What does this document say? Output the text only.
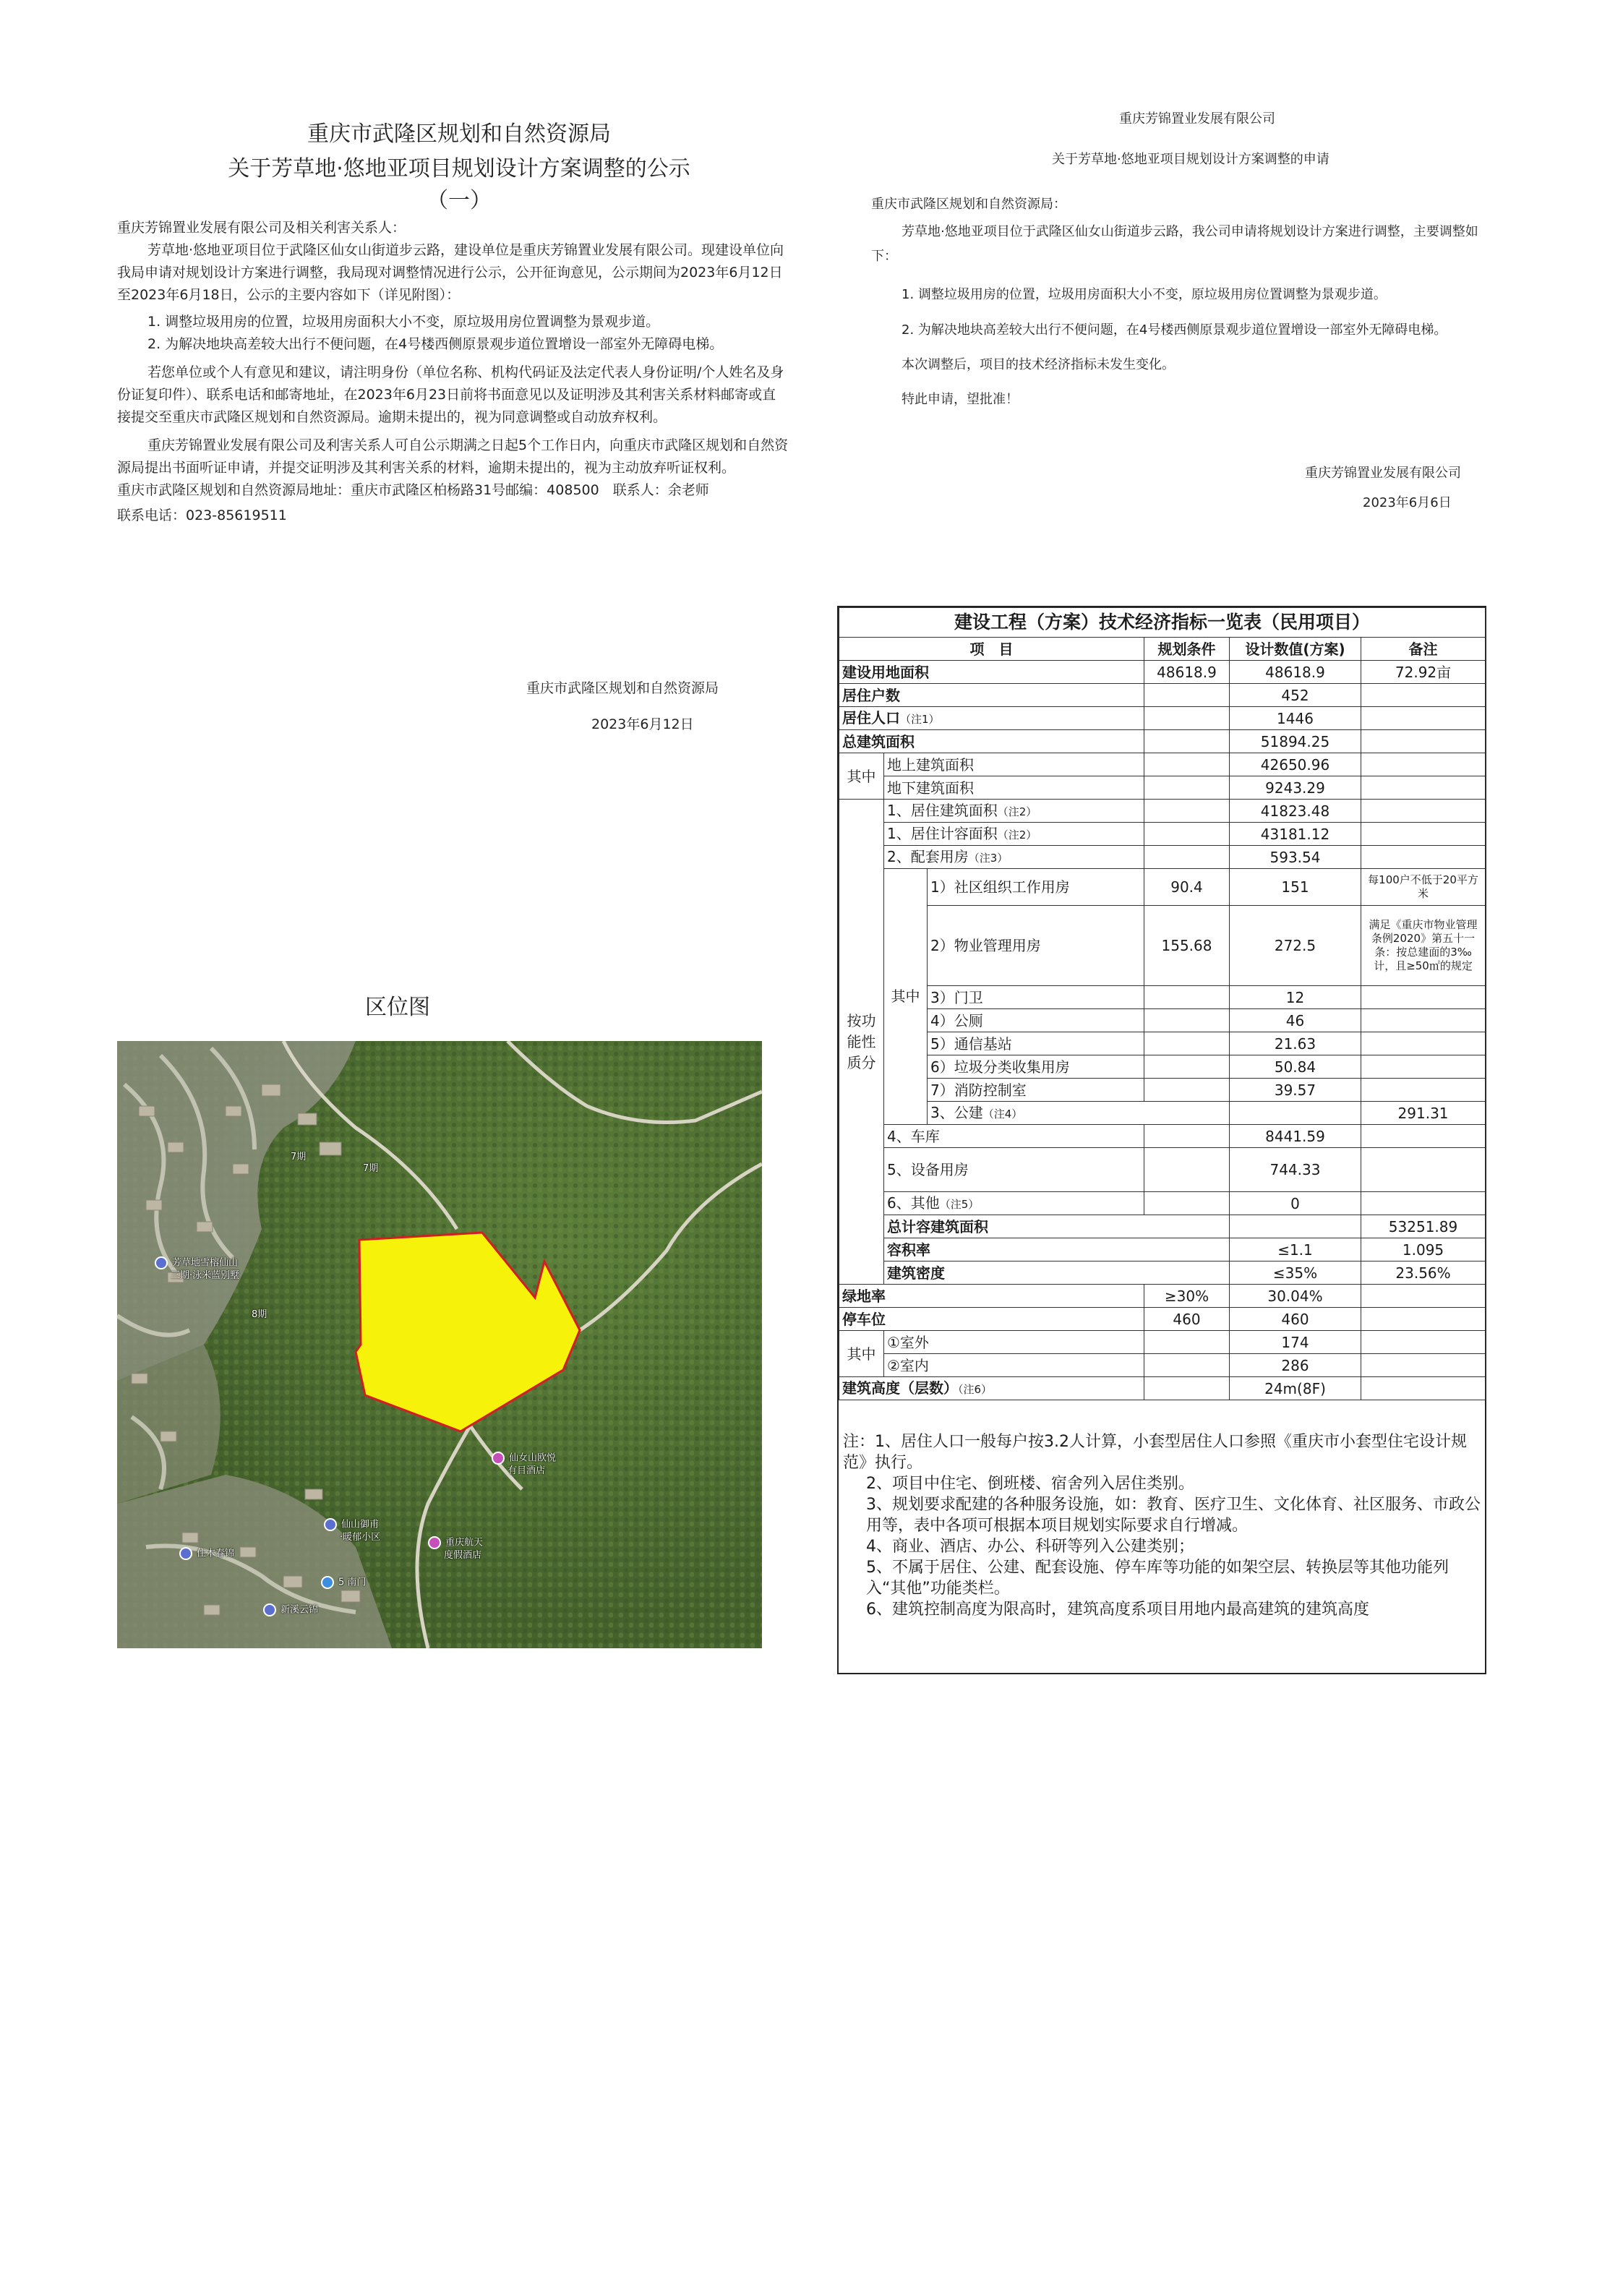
重庆市武隆区规划和自然资源局
关于芳草地·悠地亚项目规划设计方案调整的公示
（一）

重庆芳锦置业发展有限公司及相关利害关系人：

芳草地·悠地亚项目位于武隆区仙女山街道步云路，建设单位是重庆芳锦置业发展有限公司。现建设单位向我局申请对规划设计方案进行调整，我局现对调整情况进行公示，公开征询意见，公示期间为2023年6月12日至2023年6月18日，公示的主要内容如下（详见附图）：

1. 调整垃圾用房的位置，垃圾用房面积大小不变，原垃圾用房位置调整为景观步道。

2. 为解决地块高差较大出行不便问题，在4号楼西侧原景观步道位置增设一部室外无障碍电梯。

若您单位或个人有意见和建议，请注明身份（单位名称、机构代码证及法定代表人身份证明/个人姓名及身份证复印件）、联系电话和邮寄地址，在2023年6月23日前将书面意见以及证明涉及其利害关系材料邮寄或直接提交至重庆市武隆区规划和自然资源局。逾期未提出的，视为同意调整或自动放弃权利。

重庆芳锦置业发展有限公司及利害关系人可自公示期满之日起5个工作日内，向重庆市武隆区规划和自然资源局提出书面听证申请，并提交证明涉及其利害关系的材料，逾期未提出的，视为主动放弃听证权利。

重庆市武隆区规划和自然资源局地址：重庆市武隆区柏杨路31号邮编：408500　联系人：余老师

联系电话：023-85619511

重庆市武隆区规划和自然资源局
2023年6月12日
区位图
芳草地雪榕仙山
三期·泳米蓝别墅
仙女山欧悦
有目酒店
仙山御甫
·暖郁小区	重庆航天
度假酒店
住木春锦
5 南门
新溪云锦
8期
7期
7期
重庆芳锦置业发展有限公司
关于芳草地·悠地亚项目规划设计方案调整的申请
重庆市武隆区规划和自然资源局：
芳草地·悠地亚项目位于武隆区仙女山街道步云路，我公司申请将规划设计方案进行调整，主要调整如下：
1. 调整垃圾用房的位置，垃圾用房面积大小不变，原垃圾用房位置调整为景观步道。
2. 为解决地块高差较大出行不便问题，在4号楼西侧原景观步道位置增设一部室外无障碍电梯。
本次调整后，项目的技术经济指标未发生变化。
特此申请，望批准！
重庆芳锦置业发展有限公司
2023年6月6日
建设工程（方案）技术经济指标一览表（民用项目）						
项　目			规划条件	设计数值(方案)	备注	
建设用地面积			48618.9	48618.9	72.92亩	
居住户数				452		
居住人口（注1）				1446		
总建筑面积				51894.25		
其中	地上建筑面积			42650.96		
	地下建筑面积			9243.29		
按功能性质分	1、居住建筑面积（注2）			41823.48		
	1、居住计容面积（注2）			43181.12		
	2、配套用房（注3）			593.54		
	其中	1）社区组织工作用房	90.4	151	每100户不低于20平方米	
		2）物业管理用房	155.68	272.5	满足《重庆市物业管理条例2020》第五十一条：按总建面的3‰计，且≥50㎡的规定	
		3）门卫		12		
		4）公厕		46		
		5）通信基站		21.63		
		6）垃圾分类收集用房		50.84		
		7）消防控制室		39.57		
		3、公建（注4）			291.31	
	4、车库			8441.59		
	5、设备用房			744.33		
	6、其他（注5）			0		
	总计容建筑面积				53251.89	
	容积率			≤1.1	1.095	
	建筑密度			≤35%	23.56%	
绿地率			≥30%	30.04%		
停车位			460	460		
其中	①室外			174		
	②室内			286		
建筑高度（层数）（注6）				24m(8F)		

注：1、居住人口一般每户按3.2人计算，小套型居住人口参照《重庆市小套型住宅设计规范》执行。

2、项目中住宅、倒班楼、宿舍列入居住类别。

3、规划要求配建的各种服务设施，如：教育、医疗卫生、文化体育、社区服务、市政公用等，表中各项可根据本项目规划实际要求自行增减。

4、商业、酒店、办公、科研等列入公建类别；

5、不属于居住、公建、配套设施、停车库等功能的如架空层、转换层等其他功能列入“其他”功能类栏。

6、建筑控制高度为限高时，建筑高度系项目用地内最高建筑的建筑高度
